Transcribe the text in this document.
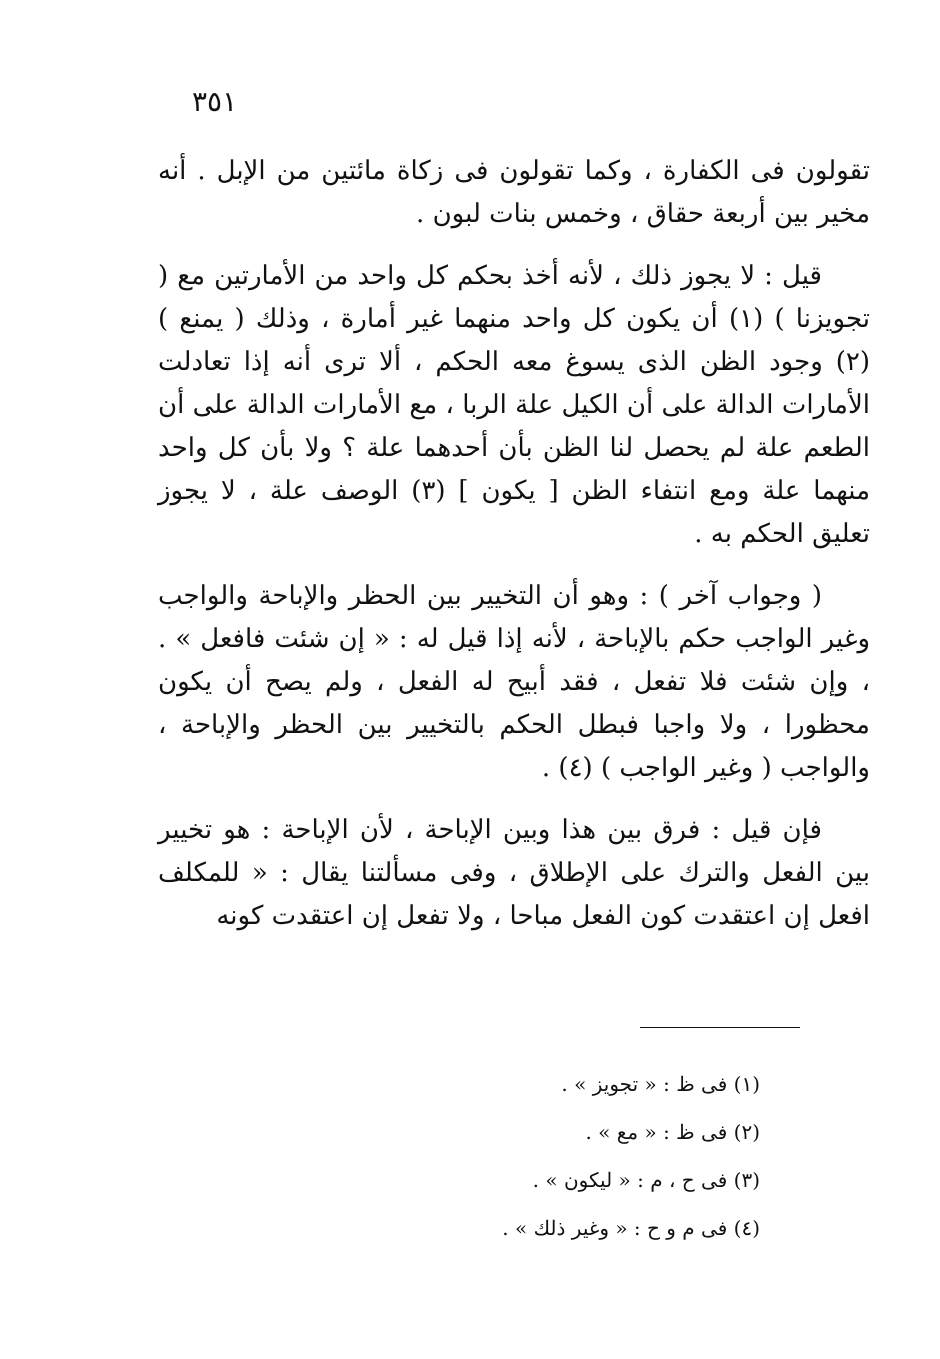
٣٥١

تقولون فى الكفارة ، وكما تقولون فى زكاة مائتين من الإبل . أنه مخير بين أربعة حقاق ، وخمس بنات لبون .

قيل : لا يجوز ذلك ، لأنه أخذ بحكم كل واحد من الأمارتين مع ( تجويزنا ) (١) أن يكون كل واحد منهما غير أمارة ، وذلك ( يمنع ) (٢) وجود الظن الذى يسوغ معه الحكم ، ألا ترى أنه إذا تعادلت الأمارات الدالة على أن الكيل علة الربا ، مع الأمارات الدالة على أن الطعم علة لم يحصل لنا الظن بأن أحدهما علة ؟ ولا بأن كل واحد منهما علة ومع انتفاء الظن [ يكون ] (٣) الوصف علة ، لا يجوز تعليق الحكم به .

( وجواب آخر ) : وهو أن التخيير بين الحظر والإباحة والواجب وغير الواجب حكم بالإباحة ، لأنه إذا قيل له : « إن شئت فافعل » . ، وإن شئت فلا تفعل ، فقد أبيح له الفعل ، ولم يصح أن يكون محظورا ، ولا واجبا فبطل الحكم بالتخيير بين الحظر والإباحة ، والواجب ( وغير الواجب ) (٤) .

فإن قيل : فرق بين هذا وبين الإباحة ، لأن الإباحة : هو تخيير بين الفعل والترك على الإطلاق ، وفى مسألتنا يقال : « للمكلف افعل إن اعتقدت كون الفعل مباحا ، ولا تفعل إن اعتقدت كونه

(١) فى ظ : « تجويز » .
(٢) فى ظ : « مع » .
(٣) فى ح ، م : « ليكون » .
(٤) فى م و ح : « وغير ذلك » .
